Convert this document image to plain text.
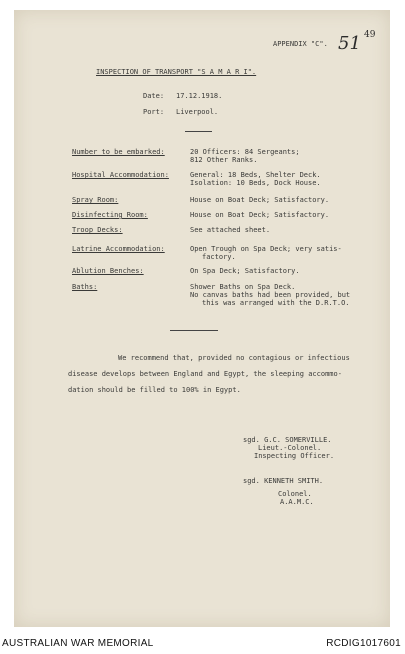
APPENDIX "C". 51 49
INSPECTION OF TRANSPORT "S A M A R I".
Date: 17.12.1918.
Port: Liverpool.
Number to be embarked:	20 Officers: 84 Sergeants;
812 Other Ranks.
Hospital Accommodation:	General: 18 Beds, Shelter Deck.
Isolation: 10 Beds, Dock House.
Spray Room:	House on Boat Deck; Satisfactory.
Disinfecting Room:	House on Boat Deck; Satisfactory.
Troop Decks:	See attached sheet.
Latrine Accommodation:	Open Trough on Spa Deck; very satis-
factory.
Ablution Benches:	On Spa Deck; Satisfactory.
Baths:	Shower Baths on Spa Deck.
No canvas baths had been provided, but
this was arranged with the D.R.T.O.
We recommend that, provided no contagious or infectious
disease develops between England and Egypt, the sleeping accommo-
dation should be filled to 100% in Egypt.
sgd. G.C. SOMERVILLE.
Lieut.-Colonel.
Inspecting Officer.
sgd. KENNETH SMITH.
Colonel.
A.A.M.C.
AUSTRALIAN WAR MEMORIAL	RCDIG1017601
